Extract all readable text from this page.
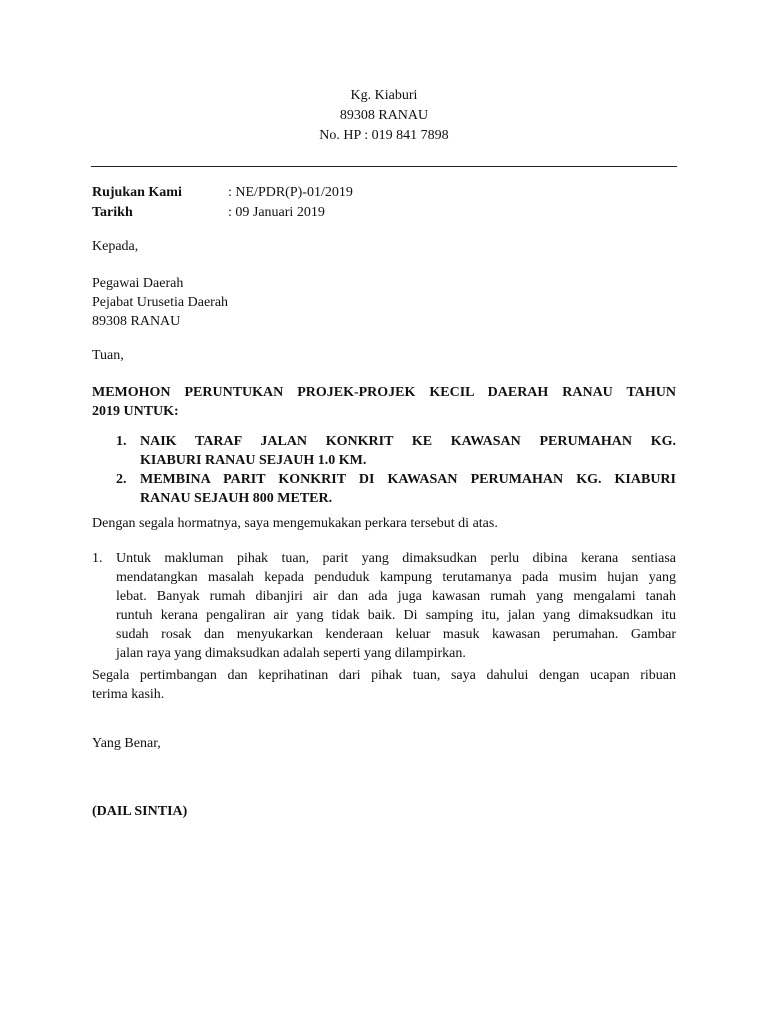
Kg. Kiaburi
89308 RANAU
No. HP : 019 841 7898
Rujukan Kami	: NE/PDR(P)-01/2019
Tarikh	: 09 Januari 2019
Kepada,
Pegawai Daerah
Pejabat Urusetia Daerah
89308 RANAU
Tuan,
MEMOHON PERUNTUKAN PROJEK-PROJEK KECIL DAERAH RANAU TAHUN
2019 UNTUK:
1. NAIK TARAF JALAN KONKRIT KE KAWASAN PERUMAHAN KG.
KIABURI RANAU SEJAUH 1.0 KM.
2. MEMBINA PARIT KONKRIT DI KAWASAN PERUMAHAN KG. KIABURI
RANAU SEJAUH 800 METER.
Dengan segala hormatnya, saya mengemukakan perkara tersebut di atas.
1. Untuk makluman pihak tuan, parit yang dimaksudkan perlu dibina kerana sentiasa
mendatangkan masalah kepada penduduk kampung terutamanya pada musim hujan yang
lebat. Banyak rumah dibanjiri air dan ada juga kawasan rumah yang mengalami tanah
runtuh kerana pengaliran air yang tidak baik. Di samping itu, jalan yang dimaksudkan itu
sudah rosak dan menyukarkan kenderaan keluar masuk kawasan perumahan. Gambar
jalan raya yang dimaksudkan adalah seperti yang dilampirkan.
Segala pertimbangan dan keprihatinan dari pihak tuan, saya dahului dengan ucapan ribuan
terima kasih.
Yang Benar,
(DAIL SINTIA)
